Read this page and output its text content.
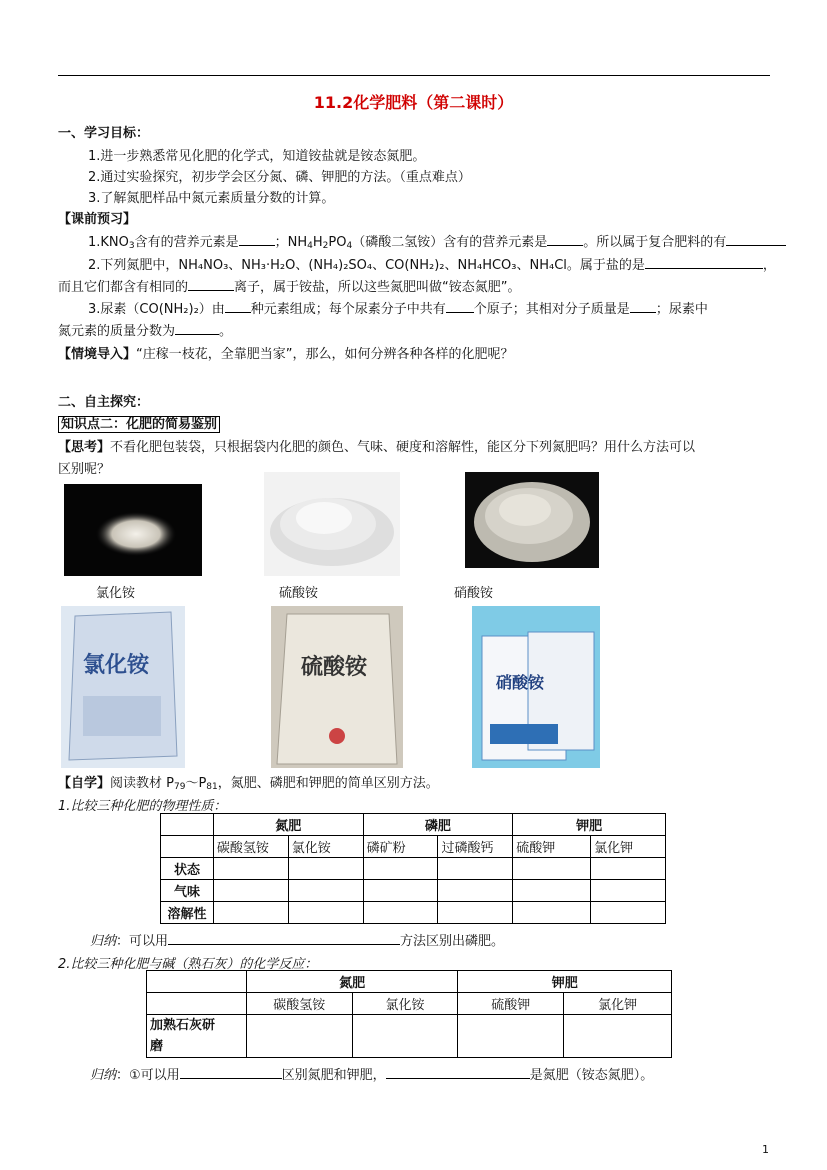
11.2化学肥料（第二课时）
一、学习目标：
1.进一步熟悉常见化肥的化学式，知道铵盐就是铵态氮肥。
2.通过实验探究，初步学会区分氮、磷、钾肥的方法。（重点难点）
3.了解氮肥样品中氮元素质量分数的计算。
【课前预习】
$1.KNO_3$含有的营养元素是	；$NH_4H_2PO_4$（磷酸二氢铵）含有的营养元素是	。所以属于复合肥料的有
2.下列氮肥中，NH₄NO₃、NH₃·H₂O、(NH₄)₂SO₄、CO(NH₂)₂、NH₄HCO₃、NH₄Cl。属于盐的是	，
而且它们都含有相同的	离子，属于铵盐，所以这些氮肥叫做“铵态氮肥”。
3.尿素（CO(NH₂)₂）由 种元素组成；每个尿素分子中共有 个原子；其相对分子质量是 ；尿素中
氮元素的质量分数为	。
【情境导入】“庄稼一枝花，全靠肥当家”，那么，如何分辨各种各样的化肥呢？
二、自主探究：
知识点二：化肥的简易鉴别
【思考】不看化肥包装袋，只根据袋内化肥的颜色、气味、硬度和溶解性，能区分下列氮肥吗？用什么方法可以
区别呢？
氯化铵	硫酸铵	硝酸铵
氯化铵	硫酸铵
硝酸铵
【自学】阅读教材 $P_{79}\sim P_{81}$，氮肥、磷肥和钾肥的简单区别方法。
1.比较三种化肥的物理性质：
	氮肥		磷肥		钾肥	
	碳酸氢铵	氯化铵	磷矿粉	过磷酸钙	硫酸钾	氯化钾
状态						
气味						
溶解性						
归纳：可以用	方法区别出磷肥。
2.比较三种化肥与碱（熟石灰）的化学反应：
	氮肥		钾肥	
	碳酸氢铵	氯化铵	硫酸钾	氯化钾
加熟石灰研
磨				
归纳：①可以用	区别氮肥和钾肥，	是氮肥（铵态氮肥）。
1
